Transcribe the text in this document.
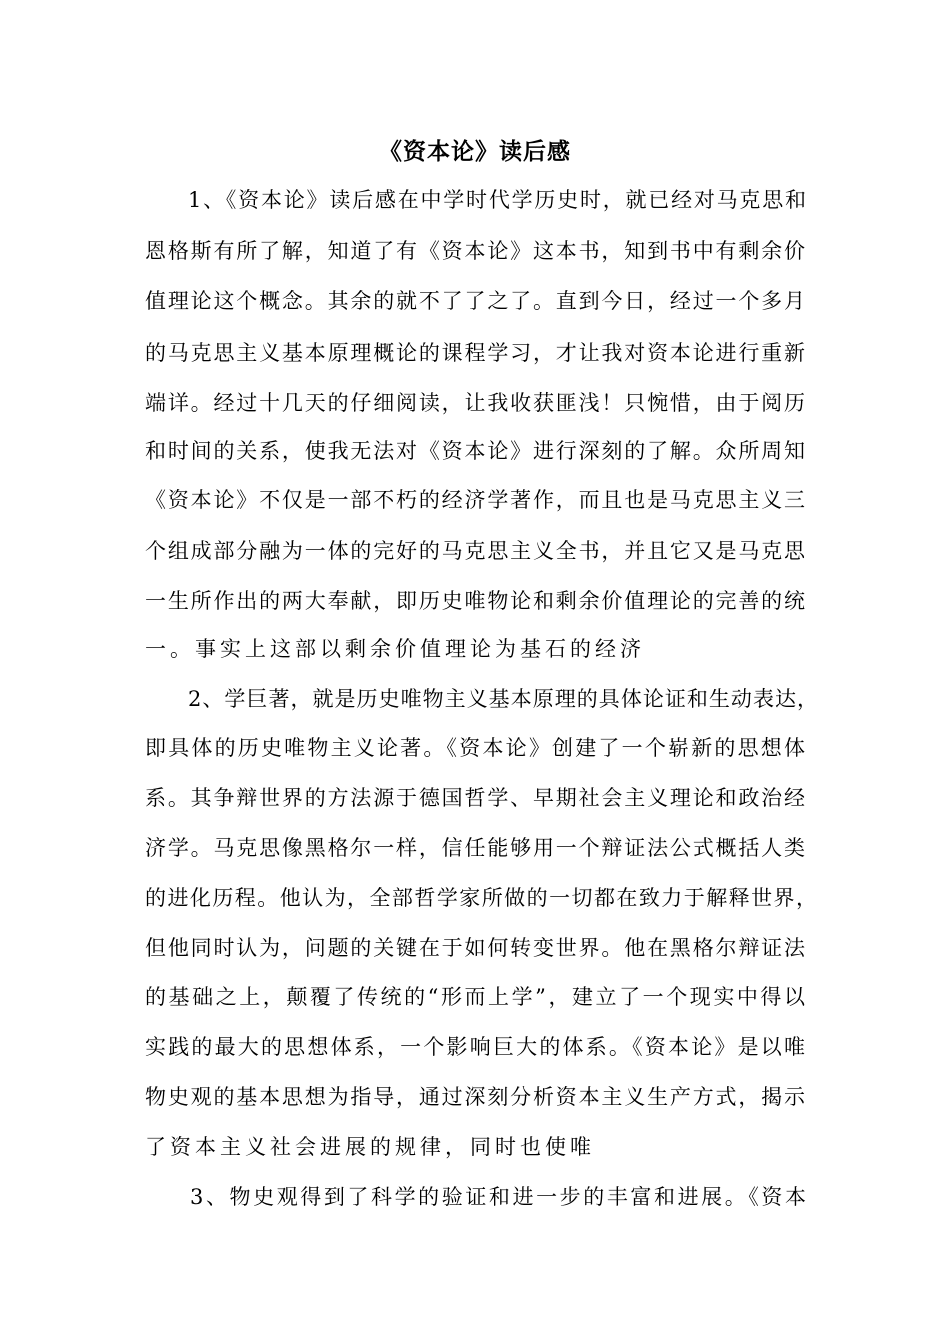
《资本论》读后感
1、《资本论》读后感在中学时代学历史时，就已经对马克思和
恩格斯有所了解，知道了有《资本论》这本书，知到书中有剩余价
值理论这个概念。其余的就不了了之了。直到今日，经过一个多月
的马克思主义基本原理概论的课程学习，才让我对资本论进行重新
端详。经过十几天的仔细阅读，让我收获匪浅！只惋惜，由于阅历
和时间的关系，使我无法对《资本论》进行深刻的了解。众所周知
《资本论》不仅是一部不朽的经济学著作，而且也是马克思主义三
个组成部分融为一体的完好的马克思主义全书，并且它又是马克思
一生所作出的两大奉献，即历史唯物论和剩余价值理论的完善的统
一。事实上这部以剩余价值理论为基石的经济
2、学巨著，就是历史唯物主义基本原理的具体论证和生动表达，
即具体的历史唯物主义论著。《资本论》创建了一个崭新的思想体
系。其争辩世界的方法源于德国哲学、早期社会主义理论和政治经
济学。马克思像黑格尔一样，信任能够用一个辩证法公式概括人类
的进化历程。他认为，全部哲学家所做的一切都在致力于解释世界，
但他同时认为，问题的关键在于如何转变世界。他在黑格尔辩证法
的基础之上，颠覆了传统的“形而上学”，建立了一个现实中得以
实践的最大的思想体系，一个影响巨大的体系。《资本论》是以唯
物史观的基本思想为指导，通过深刻分析资本主义生产方式，揭示
了资本主义社会进展的规律，同时也使唯
3、物史观得到了科学的验证和进一步的丰富和进展。《资本
